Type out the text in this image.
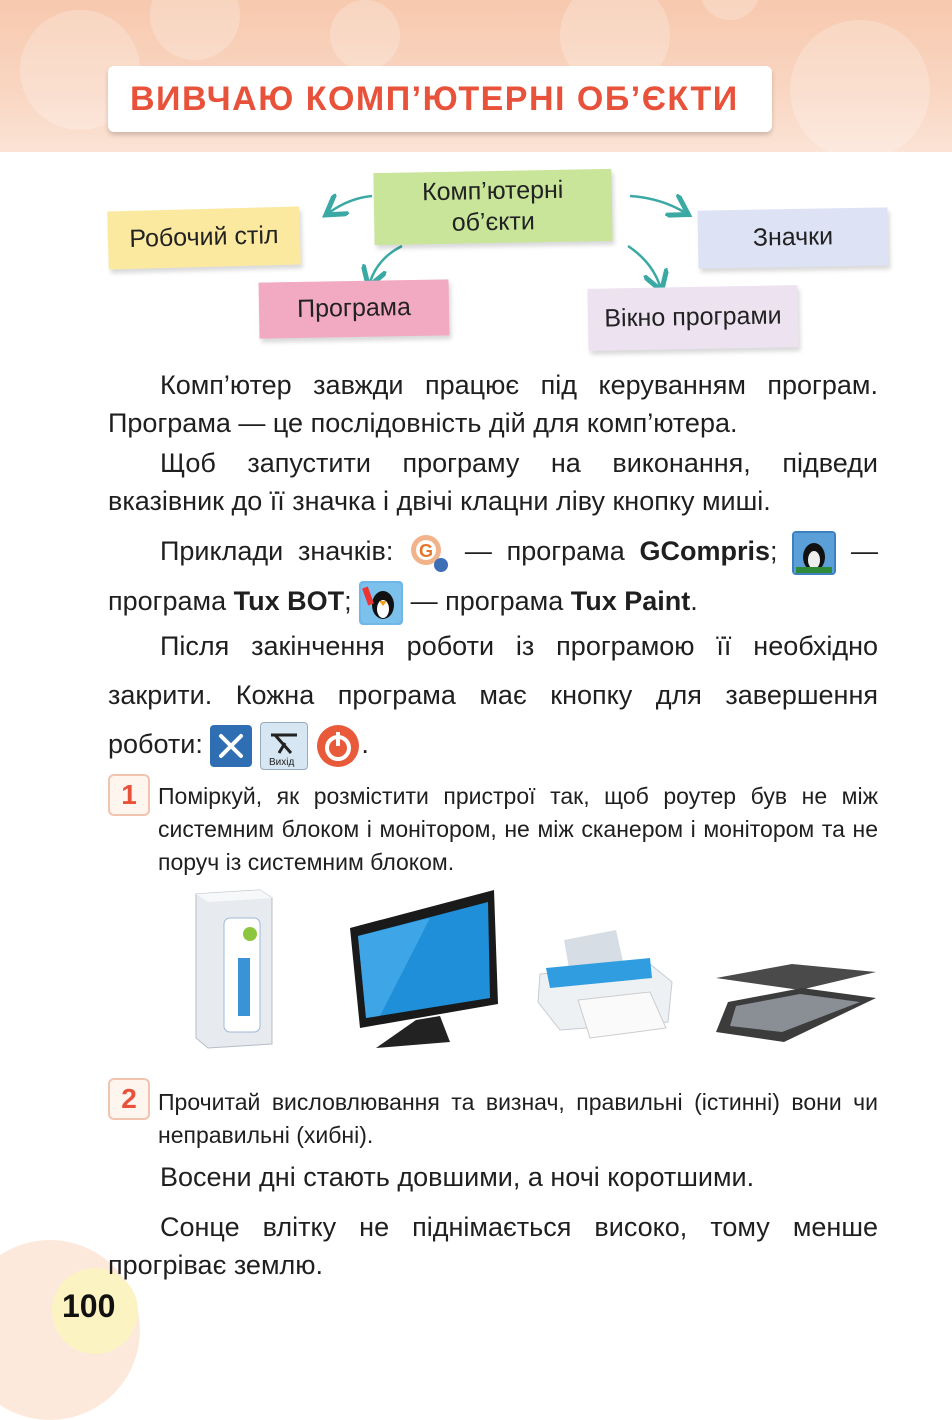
ВИВЧАЮ КОМП’ЮТЕРНІ ОБ’ЄКТИ
Комп’ютерні об’єкти
Робочий стіл	Значки
Програма	Вікно програми
Комп’ютер завжди працює під керуванням програм. Програма — це послідовність дій для комп’ютера.
Щоб запустити програму на виконання, підведи вказівник до її значка і двічі клацни ліву кнопку миші.
Приклади значків: G — програма GCompris;  — програма Tux BOT;  — програма Tux Paint.
Після закінчення роботи із програмою її необхідно закрити. Кожна програма має кнопку для завершення роботи:
Вихід
.
1 Поміркуй, як розмістити пристрої так, щоб роутер був не між системним блоком і монітором, не між сканером і монітором та не поруч із системним блоком.
2 Прочитай висловлювання та визнач, правильні (істинні) вони чи неправильні (хибні).
Восени дні стають довшими, а ночі коротшими.
Сонце влітку не піднімається високо, тому менше прогріває землю.
100
